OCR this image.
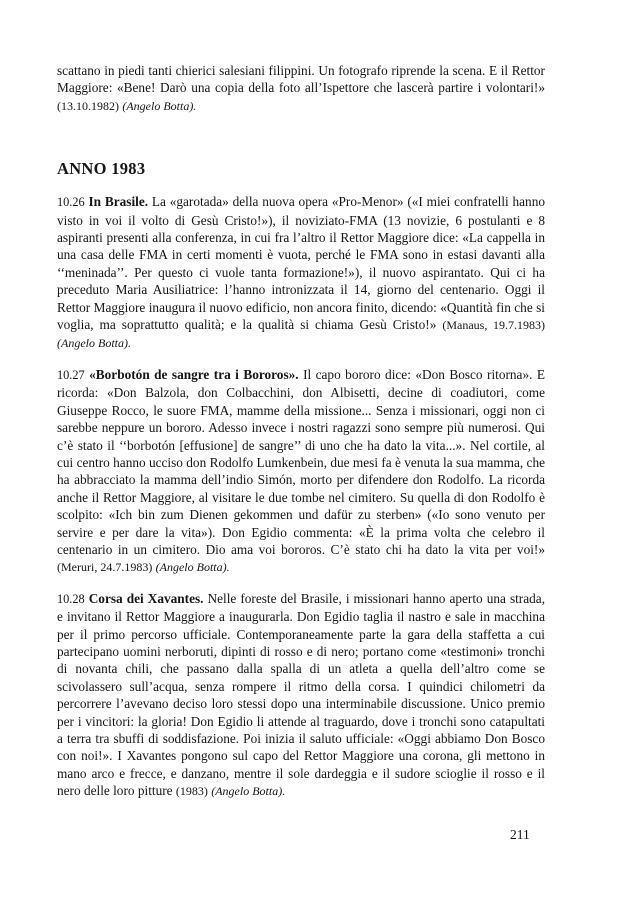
scattano in piedi tanti chierici salesiani filippini. Un fotografo riprende la scena. E il Rettor Maggiore: «Bene! Darò una copia della foto all’Ispettore che lascerà partire i volontari!» (13.10.1982) (Angelo Botta).

ANNO 1983

10.26 In Brasile. La «garotada» della nuova opera «Pro-Menor» («I miei confratelli hanno visto in voi il volto di Gesù Cristo!»), il noviziato-FMA (13 novizie, 6 postulanti e 8 aspiranti presenti alla conferenza, in cui fra l’altro il Rettor Maggiore dice: «La cappella in una casa delle FMA in certi momenti è vuota, perché le FMA sono in estasi davanti alla ‘‘meninada’’. Per questo ci vuole tanta formazione!»), il nuovo aspirantato. Qui ci ha preceduto Maria Ausiliatrice: l’hanno intronizzata il 14, giorno del centenario. Oggi il Rettor Maggiore inaugura il nuovo edificio, non ancora finito, dicendo: «Quantità fin che si voglia, ma soprattutto qualità; e la qualità si chiama Gesù Cristo!» (Manaus, 19.7.1983) (Angelo Botta).

10.27 «Borbotón de sangre tra i Bororos». Il capo bororo dice: «Don Bosco ritorna». E ricorda: «Don Balzola, don Colbacchini, don Albisetti, decine di coadiutori, come Giuseppe Rocco, le suore FMA, mamme della missione... Senza i missionari, oggi non ci sarebbe neppure un bororo. Adesso invece i nostri ragazzi sono sempre più numerosi. Qui c’è stato il ‘‘borbotón [effusione] de sangre’’ di uno che ha dato la vita...». Nel cortile, al cui centro hanno ucciso don Rodolfo Lumkenbein, due mesi fa è venuta la sua mamma, che ha abbracciato la mamma dell’indio Simón, morto per difendere don Rodolfo. La ricorda anche il Rettor Maggiore, al visitare le due tombe nel cimitero. Su quella di don Rodolfo è scolpito: «Ich bin zum Dienen gekommen und dafür zu sterben» («Io sono venuto per servire e per dare la vita»). Don Egidio commenta: «È la prima volta che celebro il centenario in un cimitero. Dio ama voi bororos. C’è stato chi ha dato la vita per voi!» (Meruri, 24.7.1983) (Angelo Botta).

10.28 Corsa dei Xavantes. Nelle foreste del Brasile, i missionari hanno aperto una strada, e invitano il Rettor Maggiore a inaugurarla. Don Egidio taglia il nastro e sale in macchina per il primo percorso ufficiale. Contemporaneamente parte la gara della staffetta a cui partecipano uomini nerboruti, dipinti di rosso e di nero; portano come «testimoni» tronchi di novanta chili, che passano dalla spalla di un atleta a quella dell’altro come se scivolassero sull’acqua, senza rompere il ritmo della corsa. I quindici chilometri da percorrere l’avevano deciso loro stessi dopo una interminabile discussione. Unico premio per i vincitori: la gloria! Don Egidio li attende al traguardo, dove i tronchi sono catapultati a terra tra sbuffi di soddisfazione. Poi inizia il saluto ufficiale: «Oggi abbiamo Don Bosco con noi!». I Xavantes pongono sul capo del Rettor Maggiore una corona, gli mettono in mano arco e frecce, e danzano, mentre il sole dardeggia e il sudore scioglie il rosso e il nero delle loro pitture (1983) (Angelo Botta).

211
